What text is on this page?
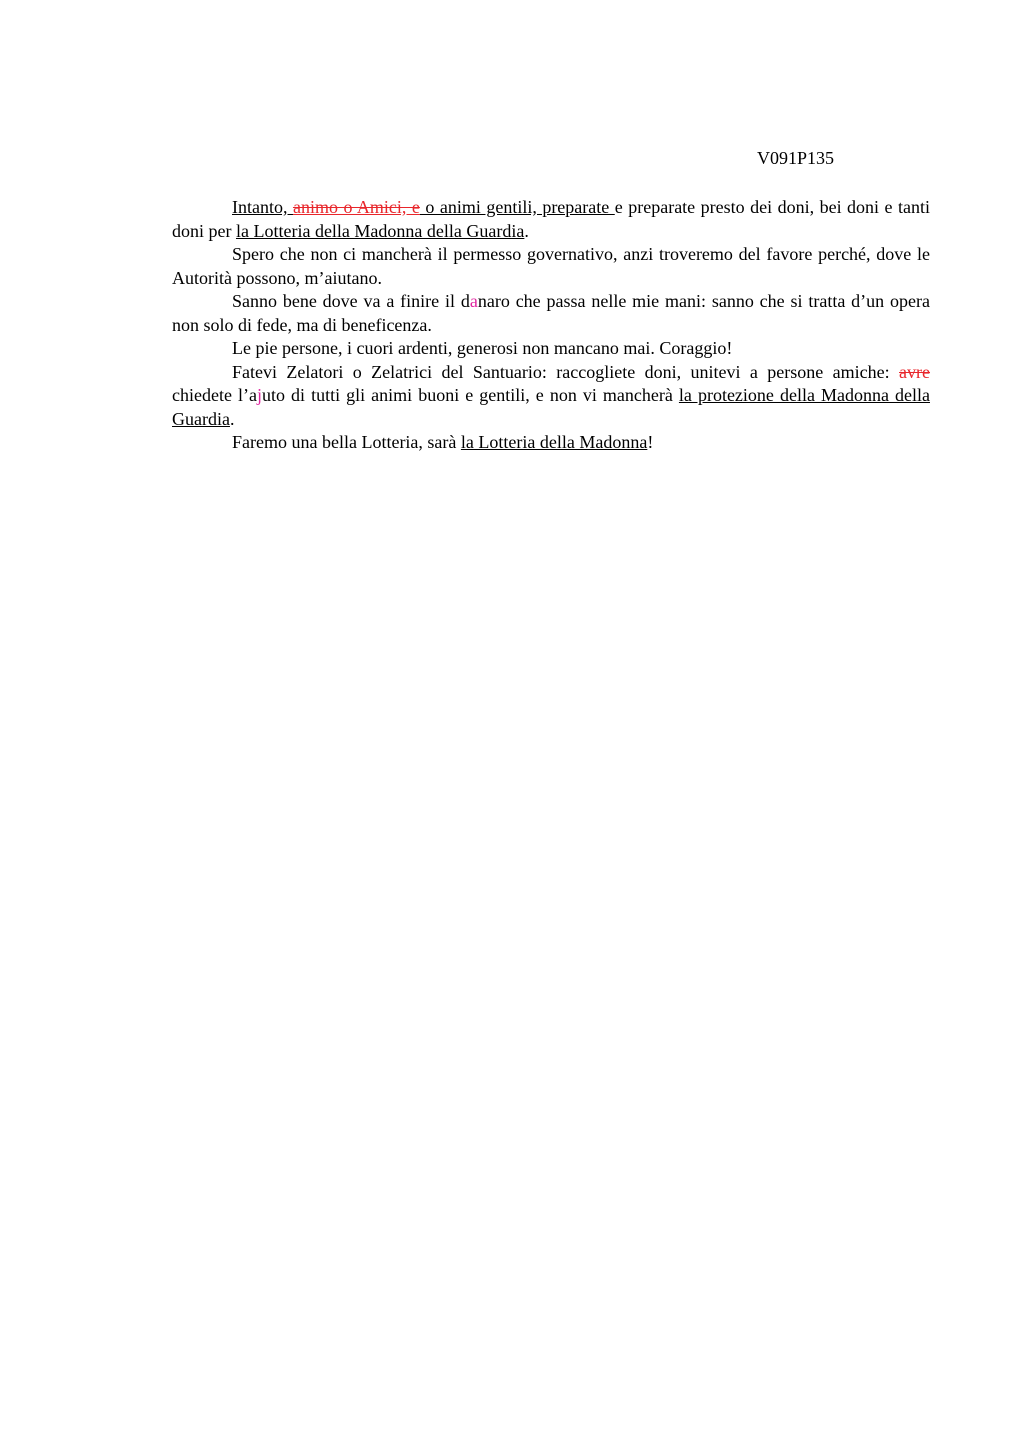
V091P135

Intanto, animo o Amici, e o animi gentili, preparate e preparate presto dei doni, bei doni e tanti doni per la Lotteria della Madonna della Guardia.

Spero che non ci mancherà il permesso governativo, anzi troveremo del favore perché, dove le Autorità possono, m’aiutano.

Sanno bene dove va a finire il danaro che passa nelle mie mani: sanno che si tratta d’un opera non solo di fede, ma di beneficenza.

Le pie persone, i cuori ardenti, generosi non mancano mai. Coraggio!

Fatevi Zelatori o Zelatrici del Santuario: raccogliete doni, unitevi a persone amiche: avre chiedete l’ajuto di tutti gli animi buoni e gentili, e non vi mancherà la protezione della Madonna della Guardia.

Faremo una bella Lotteria, sarà la Lotteria della Madonna!
